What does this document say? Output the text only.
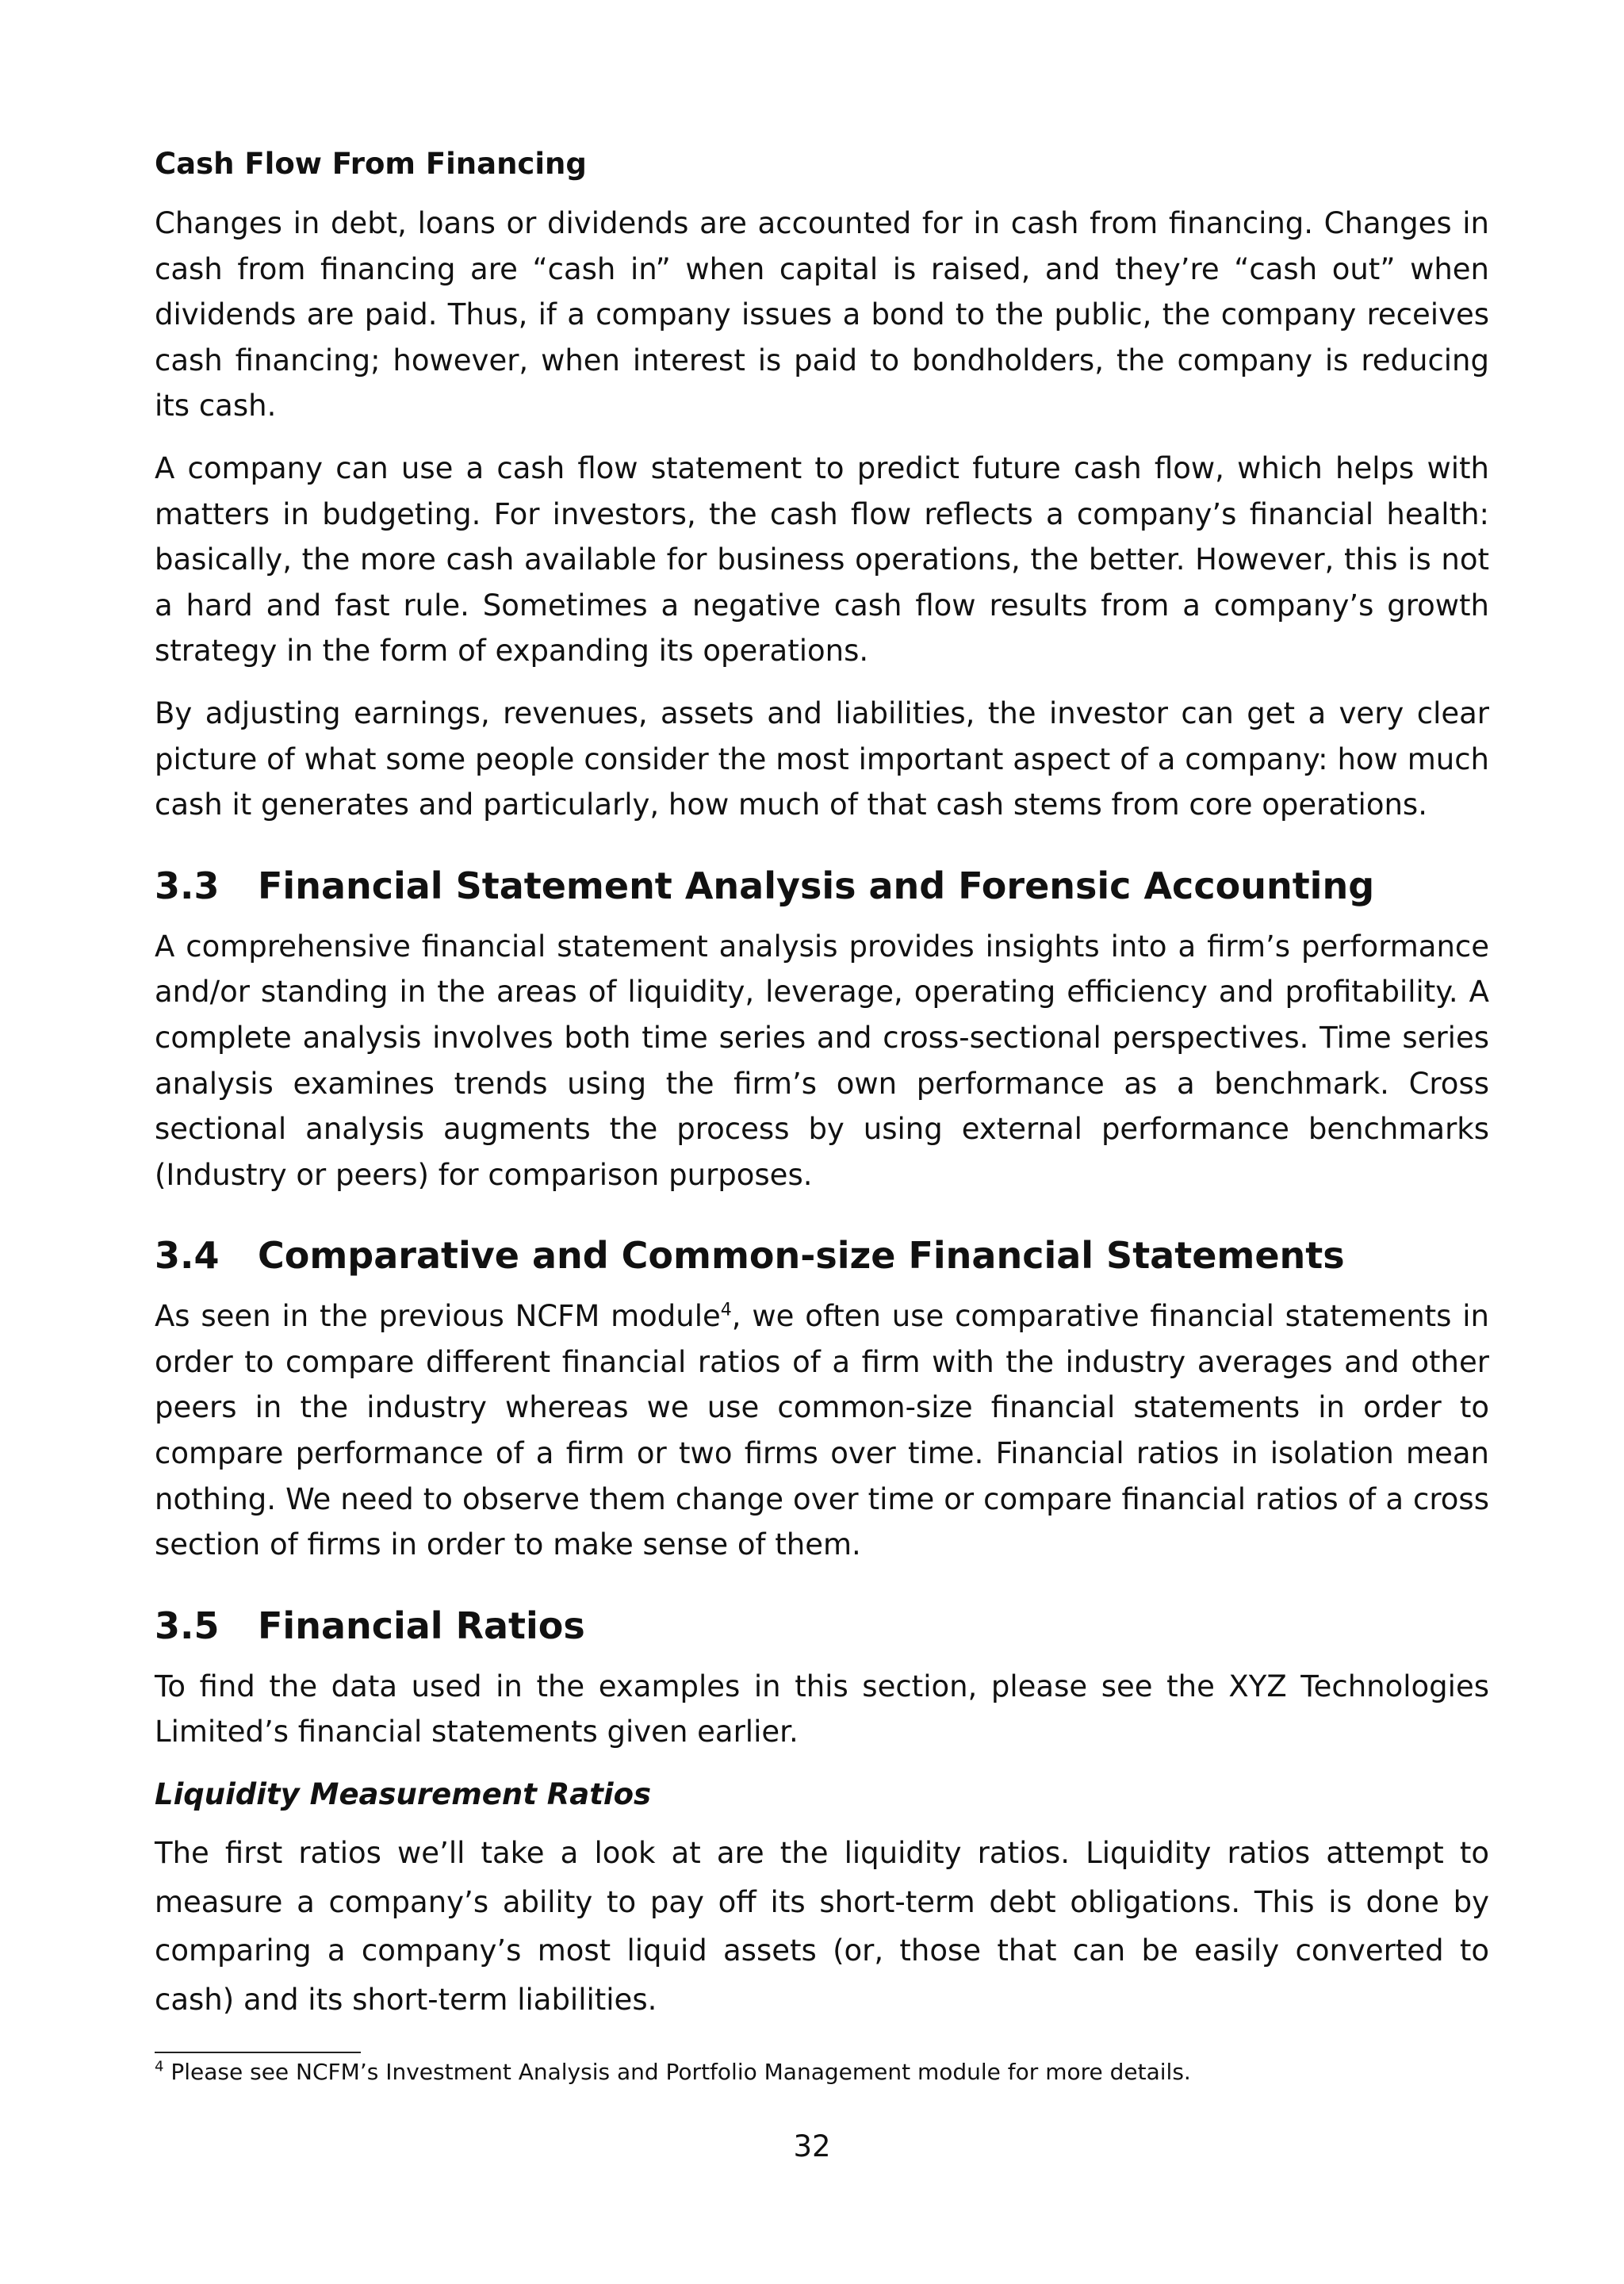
Cash Flow From Financing

Changes in debt, loans or dividends are accounted for in cash from financing. Changes in cash from financing are “cash in” when capital is raised, and they’re “cash out” when dividends are paid. Thus, if a company issues a bond to the public, the company receives cash financing; however, when interest is paid to bondholders, the company is reducing its cash.

A company can use a cash flow statement to predict future cash flow, which helps with matters in budgeting. For investors, the cash flow reflects a company’s financial health: basically, the more cash available for business operations, the better. However, this is not a hard and fast rule. Sometimes a negative cash flow results from a company’s growth strategy in the form of expanding its operations.

By adjusting earnings, revenues, assets and liabilities, the investor can get a very clear picture of what some people consider the most important aspect of a company: how much cash it generates and particularly, how much of that cash stems from core operations.

3.3	Financial Statement Analysis and Forensic Accounting

A comprehensive financial statement analysis provides insights into a firm’s performance and/or standing in the areas of liquidity, leverage, operating efficiency and profitability. A complete analysis involves both time series and cross-sectional perspectives. Time series analysis examines trends using the firm’s own performance as a benchmark. Cross sectional analysis augments the process by using external performance benchmarks (Industry or peers) for comparison purposes.

3.4	Comparative and Common-size Financial Statements

As seen in the previous NCFM module$^4$, we often use comparative financial statements in order to compare different financial ratios of a firm with the industry averages and other peers in the industry whereas we use common-size financial statements in order to compare performance of a firm or two firms over time. Financial ratios in isolation mean nothing. We need to observe them change over time or compare financial ratios of a cross section of firms in order to make sense of them.

3.5	Financial Ratios

To find the data used in the examples in this section, please see the XYZ Technologies Limited’s financial statements given earlier.

Liquidity Measurement Ratios

The first ratios we’ll take a look at are the liquidity ratios. Liquidity ratios attempt to measure a company’s ability to pay off its short-term debt obligations. This is done by comparing a company’s most liquid assets (or, those that can be easily converted to cash) and its short-term liabilities.

$^4$ Please see NCFM’s Investment Analysis and Portfolio Management module for more details.
32
